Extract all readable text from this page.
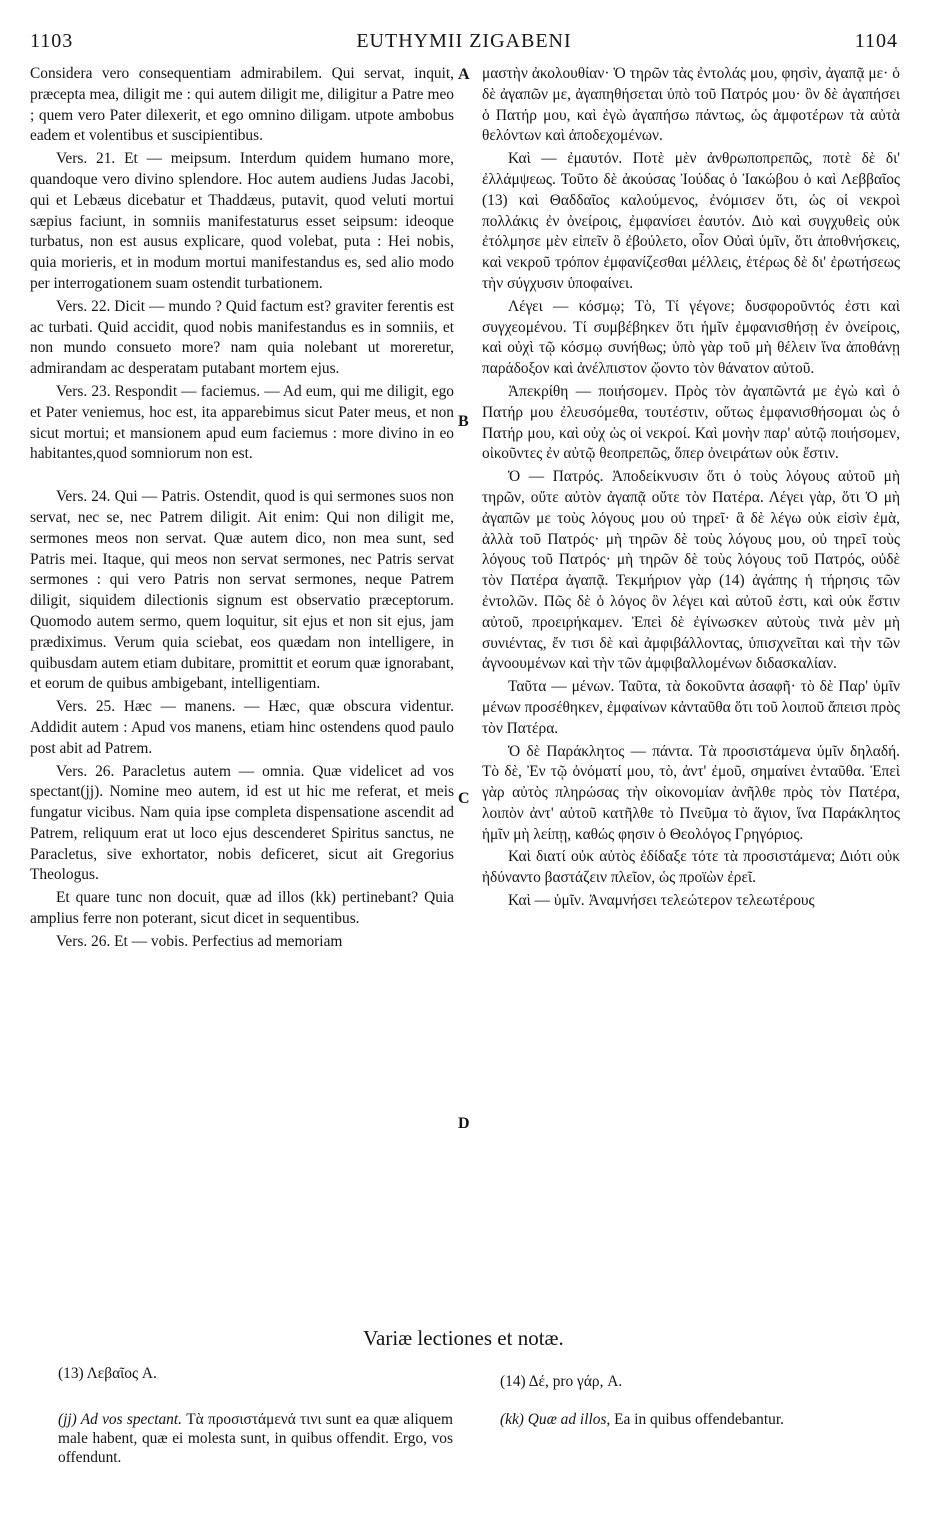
1103	EUTHYMII ZIGABENI	1104
A
B
C
D

Considera vero consequentiam admirabilem. Qui servat, inquit, præcepta mea, diligit me : qui autem diligit me, diligitur a Patre meo ; quem vero Pater dilexerit, et ego omnino diligam. utpote ambobus eadem et volentibus et suscipientibus.

Vers. 21. Et — meipsum. Interdum quidem humano more, quandoque vero divino splendore. Hoc autem audiens Judas Jacobi, qui et Lebæus dicebatur et Thaddæus, putavit, quod veluti mortui sæpius faciunt, in somniis manifestaturus esset seipsum: ideoque turbatus, non est ausus explicare, quod volebat, puta : Hei nobis, quia morieris, et in modum mortui manifestandus es, sed alio modo per interrogationem suam ostendit turbationem.

Vers. 22. Dicit — mundo ? Quid factum est? graviter ferentis est ac turbati. Quid accidit, quod nobis manifestandus es in somniis, et non mundo consueto more? nam quia nolebant ut moreretur, admirandam ac desperatam putabant mortem ejus.

Vers. 23. Respondit — faciemus. — Ad eum, qui me diligit, ego et Pater veniemus, hoc est, ita apparebimus sicut Pater meus, et non sicut mortui; et mansionem apud eum faciemus : more divino in eo habitantes,quod somniorum non est.

Vers. 24. Qui — Patris. Ostendit, quod is qui sermones suos non servat, nec se, nec Patrem diligit. Ait enim: Qui non diligit me, sermones meos non servat. Quæ autem dico, non mea sunt, sed Patris mei. Itaque, qui meos non servat sermones, nec Patris servat sermones : qui vero Patris non servat sermones, neque Patrem diligit, siquidem dilectionis signum est observatio præceptorum. Quomodo autem sermo, quem loquitur, sit ejus et non sit ejus, jam prædiximus. Verum quia sciebat, eos quædam non intelligere, in quibusdam autem etiam dubitare, promittit et eorum quæ ignorabant, et eorum de quibus ambigebant, intelligentiam.

Vers. 25. Hæc — manens. — Hæc, quæ obscura videntur. Addidit autem : Apud vos manens, etiam hinc ostendens quod paulo post abit ad Patrem.

Vers. 26. Paracletus autem — omnia. Quæ videlicet ad vos spectant(jj). Nomine meo autem, id est ut hic me referat, et meis fungatur vicibus. Nam quia ipse completa dispensatione ascendit ad Patrem, reliquum erat ut loco ejus descenderet Spiritus sanctus, ne Paracletus, sive exhortator, nobis deficeret, sicut ait Gregorius Theologus.

Et quare tunc non docuit, quæ ad illos (kk) pertinebant? Quia amplius ferre non poterant, sicut dicet in sequentibus.

Vers. 26. Et — vobis. Perfectius ad memoriam

μαστὴν ἀκολουθίαν· Ὁ τηρῶν τὰς ἐντολάς μου, φησὶν, ἀγαπᾷ με· ὁ δὲ ἀγαπῶν με, ἀγαπηθήσεται ὑπὸ τοῦ Πατρός μου· ὃν δὲ ἀγαπήσει ὁ Πατήρ μου, καὶ ἐγὼ ἀγαπήσω πάντως, ὡς ἀμφοτέρων τὰ αὐτὰ θελόντων καὶ ἀποδεχομένων.

Καὶ — ἐμαυτόν. Ποτὲ μὲν ἀνθρωποπρεπῶς, ποτὲ δὲ δι' ἐλλάμψεως. Τοῦτο δὲ ἀκούσας Ἰούδας ὁ Ἰακώβου ὁ καὶ Λεββαῖος (13) καὶ Θαδδαῖος καλούμενος, ἐνόμισεν ὅτι, ὡς οἱ νεκροὶ πολλάκις ἐν ὀνείροις, ἐμφανίσει ἑαυτόν. Διὸ καὶ συγχυθεὶς οὐκ ἐτόλμησε μὲν εἰπεῖν ὃ ἐβούλετο, οἷον Οὐαὶ ὑμῖν, ὅτι ἀποθνήσκεις, καὶ νεκροῦ τρόπον ἐμφανίζεσθαι μέλλεις, ἑτέρως δὲ δι' ἐρωτήσεως τὴν σύγχυσιν ὑποφαίνει.

Λέγει — κόσμῳ; Τὸ, Τί γέγονε; δυσφοροῦντός ἐστι καὶ συγχεομένου. Τί συμβέβηκεν ὅτι ἡμῖν ἐμφανισθήσῃ ἐν ὀνείροις, καὶ οὐχὶ τῷ κόσμῳ συνήθως; ὑπὸ γὰρ τοῦ μὴ θέλειν ἵνα ἀποθάνῃ παράδοξον καὶ ἀνέλπιστον ᾤοντο τὸν θάνατον αὐτοῦ.

Ἀπεκρίθη — ποιήσομεν. Πρὸς τὸν ἀγαπῶντά με ἐγὼ καὶ ὁ Πατήρ μου ἐλευσόμεθα, τουτέστιν, οὕτως ἐμφανισθήσομαι ὡς ὁ Πατήρ μου, καὶ οὐχ ὡς οἱ νεκροί. Καὶ μονὴν παρ' αὐτῷ ποιήσομεν, οἰκοῦντες ἐν αὐτῷ θεοπρεπῶς, ὅπερ ὀνειράτων οὐκ ἔστιν.

Ὁ — Πατρός. Ἀποδείκνυσιν ὅτι ὁ τοὺς λόγους αὐτοῦ μὴ τηρῶν, οὔτε αὐτὸν ἀγαπᾷ οὔτε τὸν Πατέρα. Λέγει γὰρ, ὅτι Ὁ μὴ ἀγαπῶν με τοὺς λόγους μου οὐ τηρεῖ· ἃ δὲ λέγω οὐκ εἰσὶν ἐμὰ, ἀλλὰ τοῦ Πατρός· μὴ τηρῶν δὲ τοὺς λόγους μου, οὐ τηρεῖ τοὺς λόγους τοῦ Πατρός· μὴ τηρῶν δὲ τοὺς λόγους τοῦ Πατρός, οὐδὲ τὸν Πατέρα ἀγαπᾷ. Τεκμήριον γὰρ (14) ἀγάπης ἡ τήρησις τῶν ἐντολῶν. Πῶς δὲ ὁ λόγος ὃν λέγει καὶ αὐτοῦ ἐστι, καὶ οὐκ ἔστιν αὐτοῦ, προειρήκαμεν. Ἐπεὶ δὲ ἐγίνωσκεν αὐτοὺς τινὰ μὲν μὴ συνιέντας, ἔν τισι δὲ καὶ ἀμφιβάλλοντας, ὑπισχνεῖται καὶ τὴν τῶν ἀγνοουμένων καὶ τὴν τῶν ἀμφιβαλλομένων διδασκαλίαν.

Ταῦτα — μένων. Ταῦτα, τὰ δοκοῦντα ἀσαφῆ· τὸ δὲ Παρ' ὑμῖν μένων προσέθηκεν, ἐμφαίνων κἀνταῦθα ὅτι τοῦ λοιποῦ ἄπεισι πρὸς τὸν Πατέρα.

Ὁ δὲ Παράκλητος — πάντα. Τὰ προσιστάμενα ὑμῖν δηλαδή. Τὸ δὲ, Ἐν τῷ ὀνόματί μου, τὸ, ἀντ' ἐμοῦ, σημαίνει ἐνταῦθα. Ἐπεὶ γὰρ αὐτὸς πληρώσας τὴν οἰκονομίαν ἀνῆλθε πρὸς τὸν Πατέρα, λοιπὸν ἀντ' αὐτοῦ κατῆλθε τὸ Πνεῦμα τὸ ἅγιον, ἵνα Παράκλητος ἡμῖν μὴ λείπῃ, καθώς φησιν ὁ Θεολόγος Γρηγόριος.

Καὶ διατί οὐκ αὐτὸς ἐδίδαξε τότε τὰ προσιστάμενα; Διότι οὐκ ἠδύναντο βαστάζειν πλεῖον, ὡς προϊὼν ἐρεῖ.

Καὶ — ὑμῖν. Ἀναμνήσει τελεώτερον τελεωτέρους

Variæ lectiones et notæ.
(13) Λεβαῖος A.	(14) Δέ, pro γάρ, A.
(jj) Ad vos spectant. Τὰ προσιστάμενά τινι sunt ea quæ aliquem male habent, quæ ei molesta sunt, in quibus offendit. Ergo, vos offendunt.
(kk) Quæ ad illos, Ea in quibus offendebantur.
